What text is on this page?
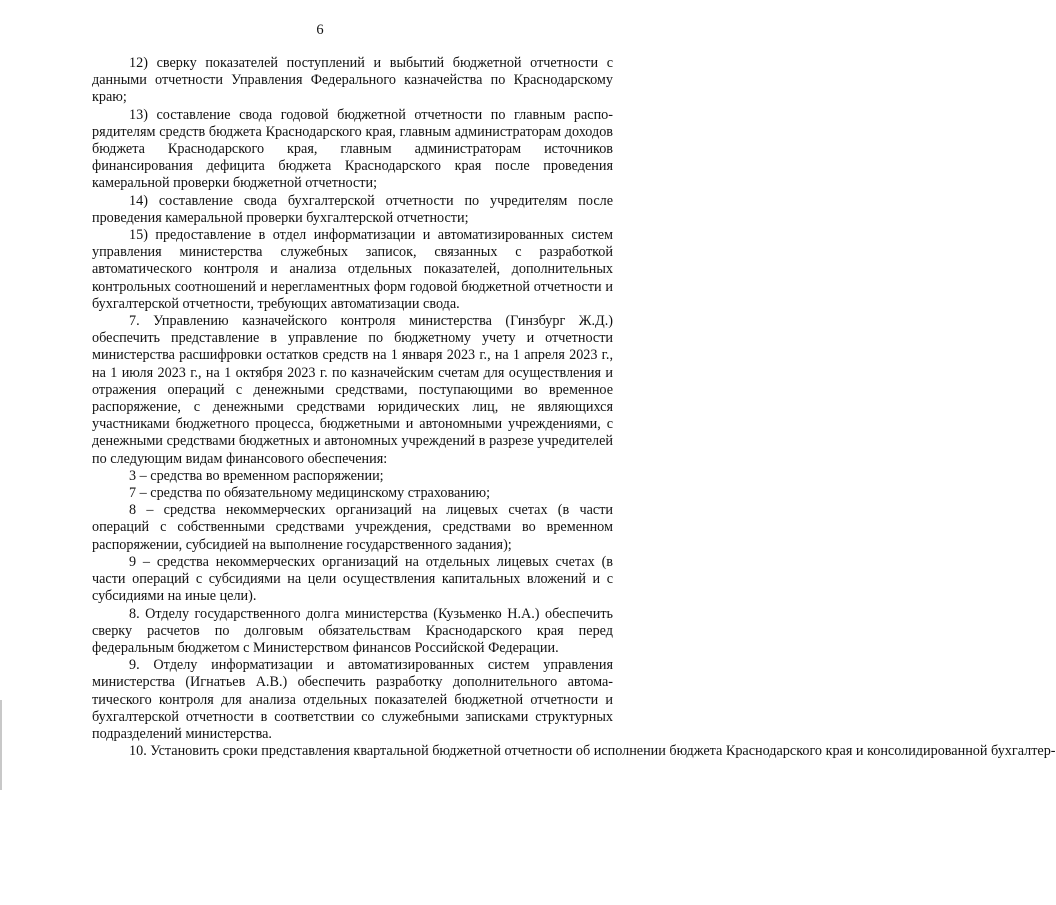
6

12) сверку показателей поступлений и выбытий бюджетной отчетности с данными отчетности Управления Федерального казначейства по Краснодарскому краю;

13) составление свода годовой бюджетной отчетности по главным распорядителям средств бюджета Краснодарского края, главным администраторам доходов бюджета Краснодарского края, главным администраторам источников финансирования дефицита бюджета Краснодарского края после проведения камеральной проверки бюджетной отчетности;

14) составление свода бухгалтерской отчетности по учредителям после проведения камеральной проверки бухгалтерской отчетности;

15) предоставление в отдел информатизации и автоматизированных систем управления министерства служебных записок, связанных с разработкой автоматического контроля и анализа отдельных показателей, дополнительных контрольных соотношений и нерегламентных форм годовой бюджетной отчетности и бухгалтерской отчетности, требующих автоматизации свода.

7. Управлению казначейского контроля министерства (Гинзбург Ж.Д.) обеспечить представление в управление по бюджетному учету и отчетности министерства расшифровки остатков средств на 1 января 2023 г., на 1 апреля 2023 г., на 1 июля 2023 г., на 1 октября 2023 г. по казначейским счетам для осуществления и отражения операций с денежными средствами, поступающими во временное распоряжение, с денежными средствами юридических лиц, не являющихся участниками бюджетного процесса, бюджетными и автономными учреждениями, с денежными средствами бюджетных и автономных учреждений в разрезе учредителей по следующим видам финансового обеспечения:

3 – средства во временном распоряжении;

7 – средства по обязательному медицинскому страхованию;

8 – средства некоммерческих организаций на лицевых счетах (в части операций с собственными средствами учреждения, средствами во временном распоряжении, субсидией на выполнение государственного задания);

9 – средства некоммерческих организаций на отдельных лицевых счетах (в части операций с субсидиями на цели осуществления капитальных вложений и с субсидиями на иные цели).

8. Отделу государственного долга министерства (Кузьменко Н.А.) обеспечить сверку расчетов по долговым обязательствам Краснодарского края перед федеральным бюджетом с Министерством финансов Российской Федерации.

9. Отделу информатизации и автоматизированных систем управления министерства (Игнатьев А.В.) обеспечить разработку дополнительного автоматического контроля для анализа отдельных показателей бюджетной отчетности и бухгалтерской отчетности в соответствии со служебными записками структурных подразделений министерства.

10. Установить сроки представления квартальной бюджетной отчетности об исполнении бюджета Краснодарского края и консолидированной бухгалтер-
